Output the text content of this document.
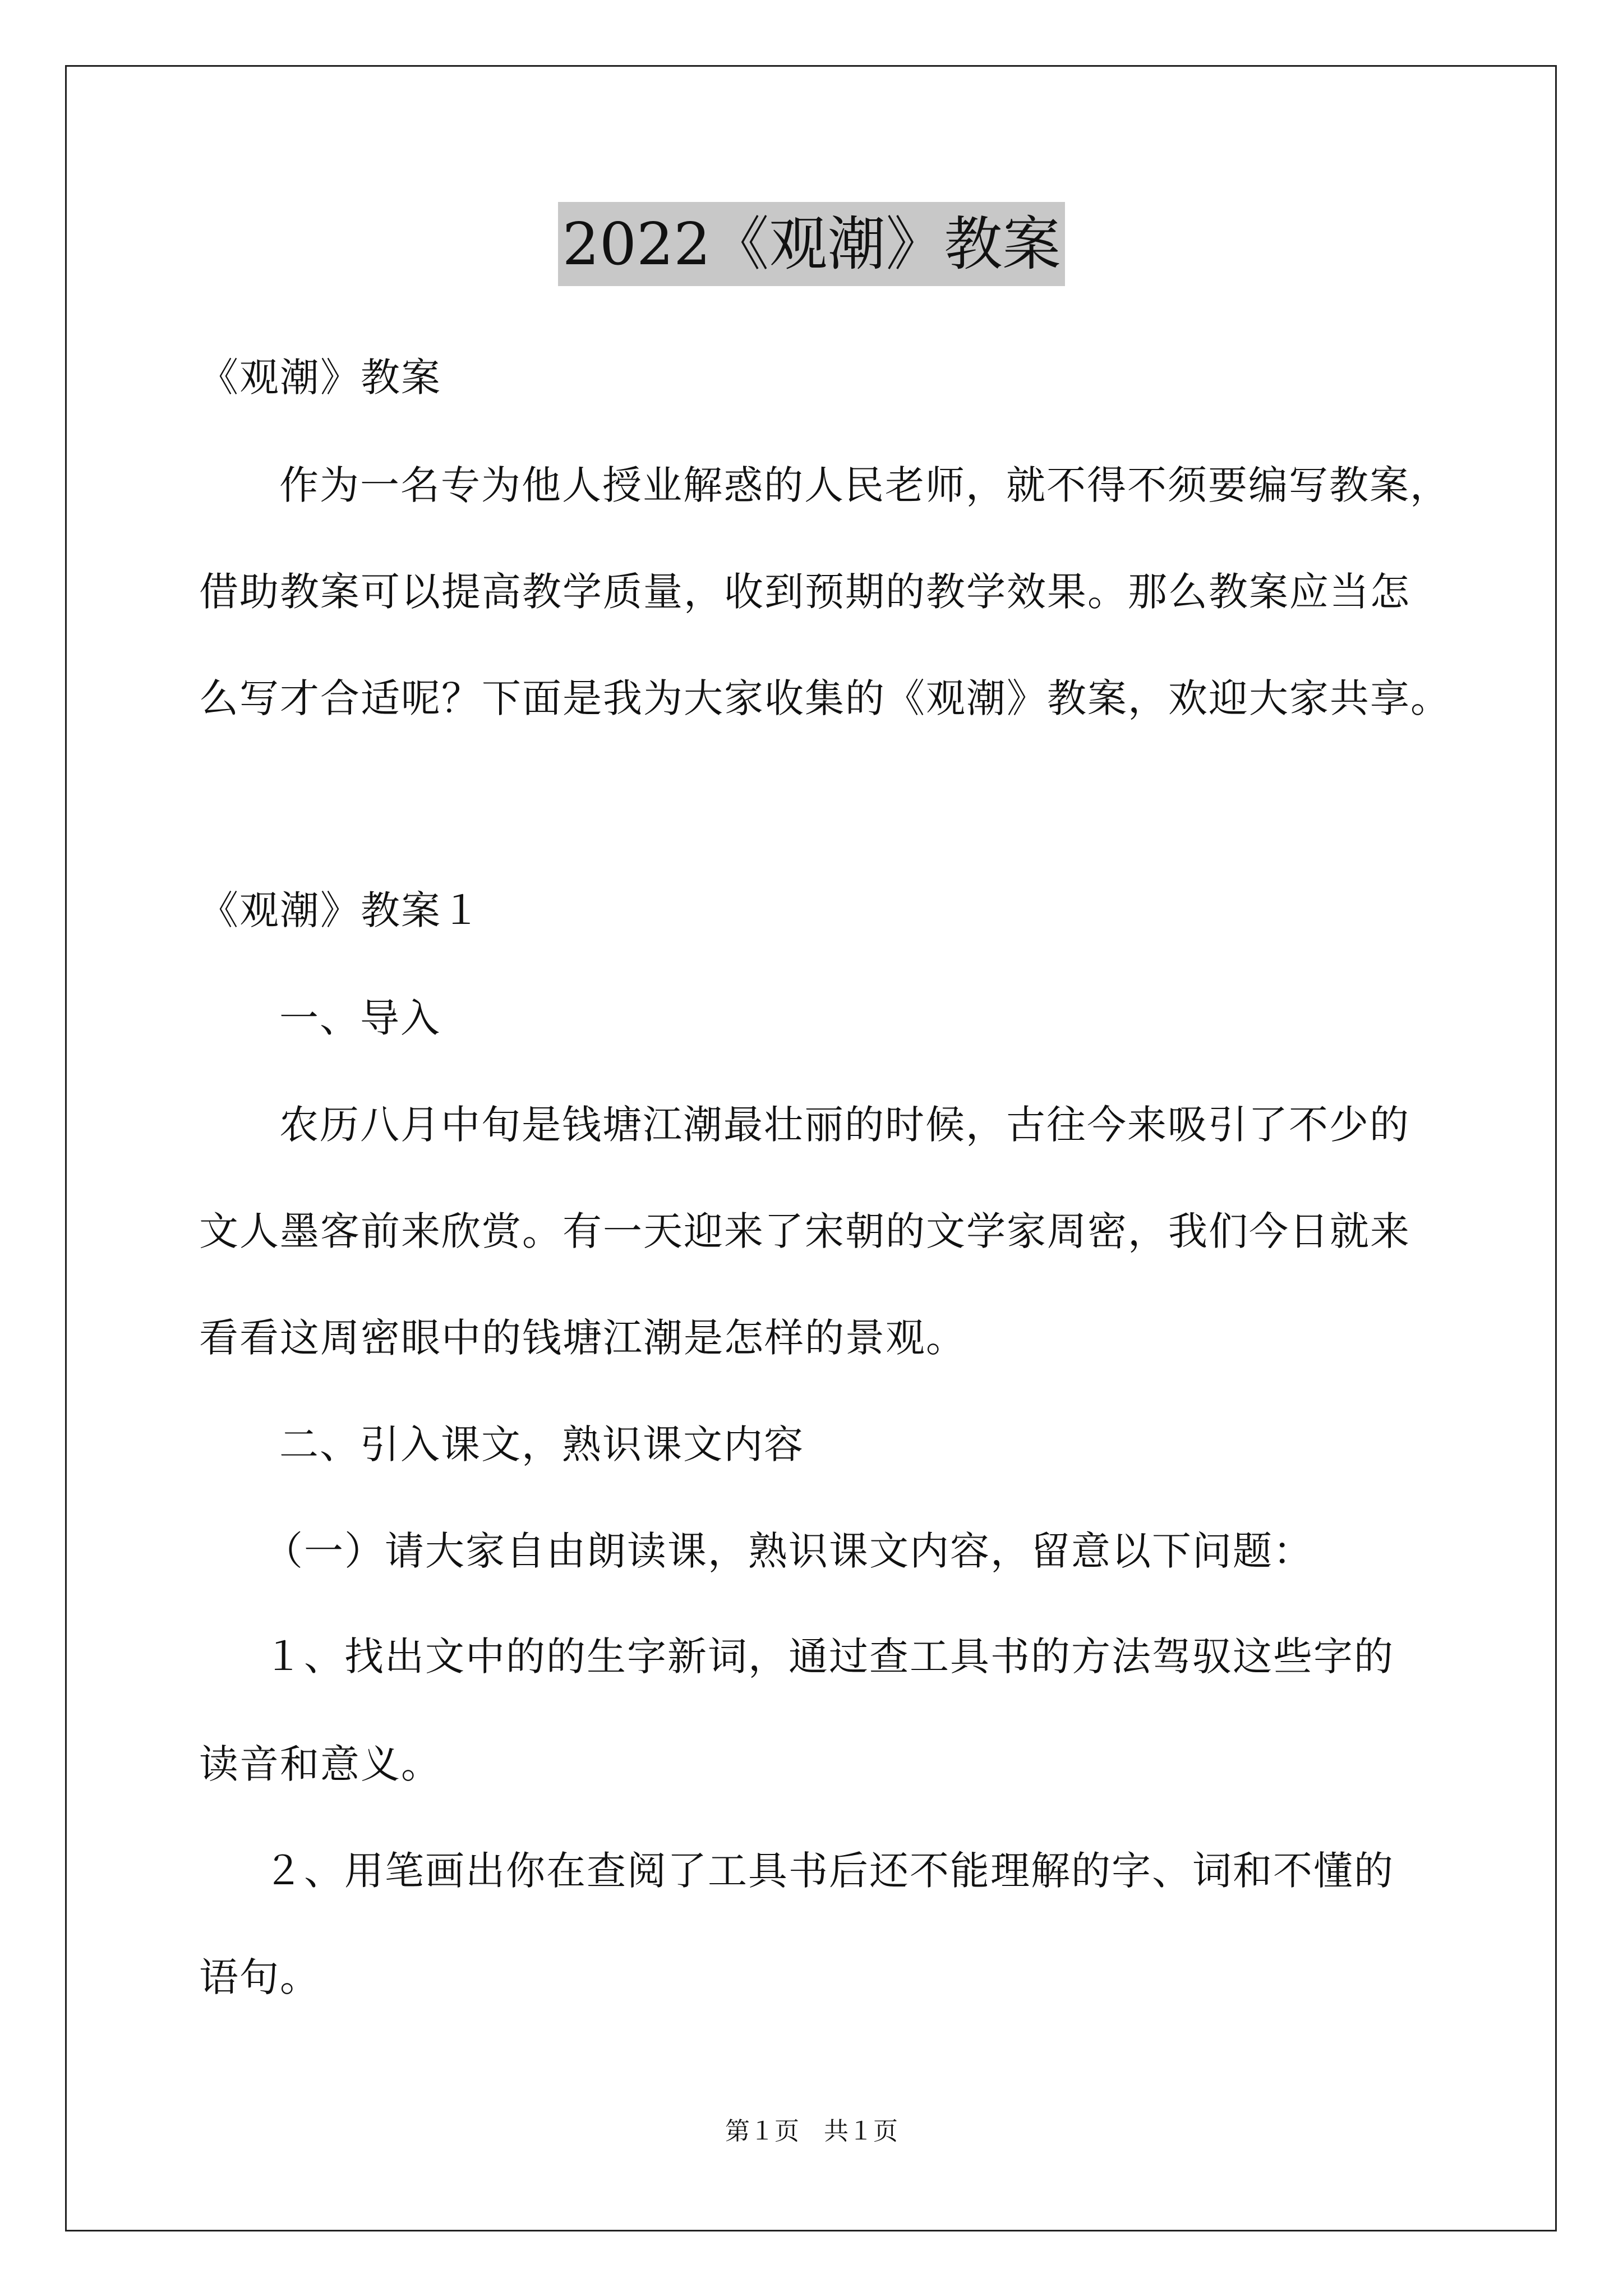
2022《观潮》教案
《观潮》教案
作为一名专为他人授业解惑的人民老师，就不得不须要编写教案，
借助教案可以提高教学质量，收到预期的教学效果。那么教案应当怎
么写才合适呢？下面是我为大家收集的《观潮》教案，欢迎大家共享。
《观潮》教案１
一、导入
农历八月中旬是钱塘江潮最壮丽的时候，古往今来吸引了不少的
文人墨客前来欣赏。有一天迎来了宋朝的文学家周密，我们今日就来
看看这周密眼中的钱塘江潮是怎样的景观。
二、引入课文，熟识课文内容
（一）请大家自由朗读课，熟识课文内容，留意以下问题：
１、找出文中的的生字新词，通过查工具书的方法驾驭这些字的
读音和意义。
２、用笔画出你在查阅了工具书后还不能理解的字、词和不懂的
语句。
第１页　共１页
